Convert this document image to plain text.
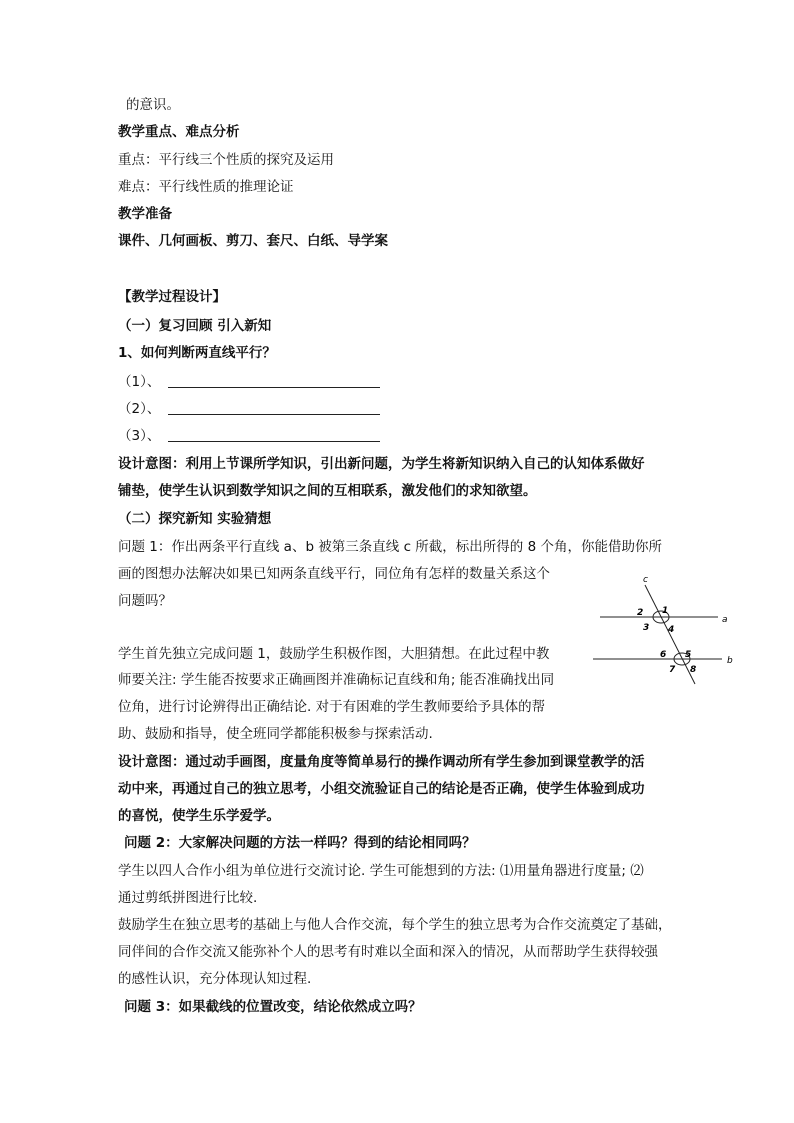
的意识。
教学重点、难点分析
重点：平行线三个性质的探究及运用
难点：平行线性质的推理论证
教学准备
课件、几何画板、剪刀、套尺、白纸、导学案
【教学过程设计】
（一）复习回顾 引入新知
1、如何判断两直线平行？
（1）、
（2）、
（3）、
设计意图：利用上节课所学知识，引出新问题，为学生将新知识纳入自己的认知体系做好
铺垫，使学生认识到数学知识之间的互相联系，激发他们的求知欲望。
（二）探究新知 实验猜想
问题 1：作出两条平行直线 a、b 被第三条直线 c 所截，标出所得的 8 个角，你能借助你所
画的图想办法解决如果已知两条直线平行，同位角有怎样的数量关系这个
问题吗？
学生首先独立完成问题 1，鼓励学生积极作图，大胆猜想。在此过程中教
师要关注: 学生能否按要求正确画图并准确标记直线和角; 能否准确找出同
位角，进行讨论辨得出正确结论. 对于有困难的学生教师要给予具体的帮
助、鼓励和指导，使全班同学都能积极参与探索活动.
设计意图：通过动手画图，度量角度等简单易行的操作调动所有学生参加到课堂教学的活
动中来，再通过自己的独立思考，小组交流验证自己的结论是否正确，使学生体验到成功
的喜悦，使学生乐学爱学。
问题 2：大家解决问题的方法一样吗？得到的结论相同吗？
学生以四人合作小组为单位进行交流讨论. 学生可能想到的方法: ⑴用量角器进行度量; ⑵
通过剪纸拼图进行比较.
鼓励学生在独立思考的基础上与他人合作交流，每个学生的独立思考为合作交流奠定了基础，
同伴间的合作交流又能弥补个人的思考有时难以全面和深入的情况，从而帮助学生获得较强
的感性认识，充分体现认知过程.
问题 3：如果截线的位置改变，结论依然成立吗？
c
a
b
1
2
3 4
5
6
7 8
